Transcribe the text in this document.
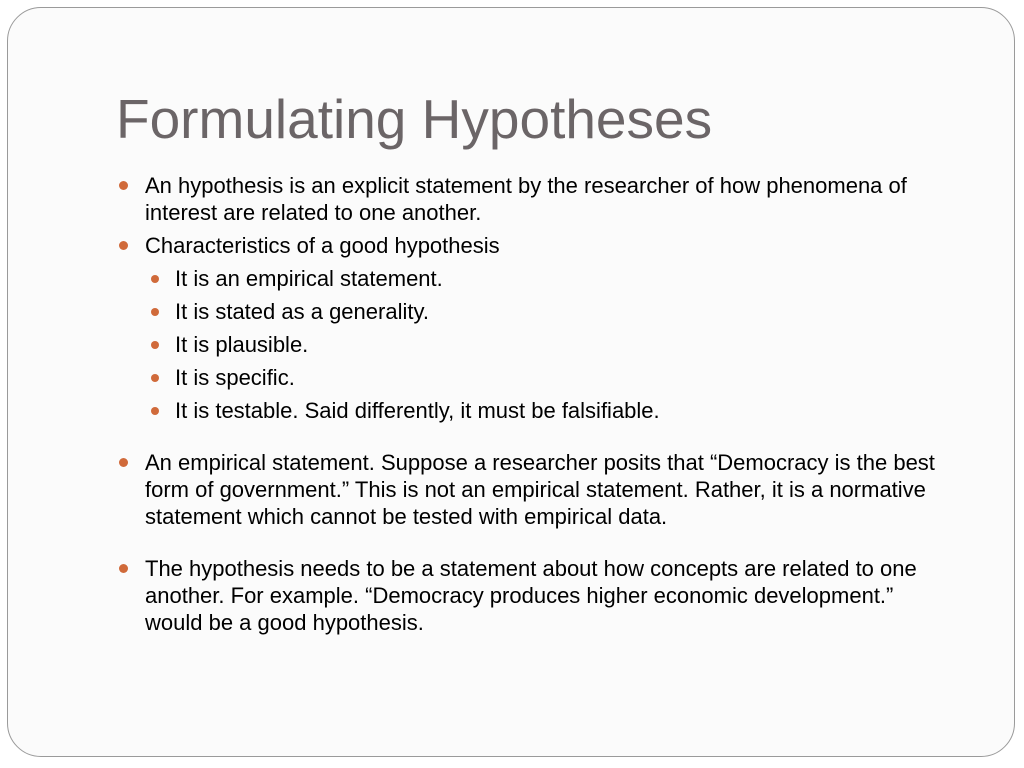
Formulating Hypotheses
An hypothesis is an explicit statement by the researcher of how phenomena of interest are related to one another.
Characteristics of a good hypothesis
It is an empirical statement.
It is stated as a generality.
It is plausible.
It is specific.
It is testable. Said differently, it must be falsifiable.
An empirical statement. Suppose a researcher posits that “Democracy is the best form of government.” This is not an empirical statement. Rather, it is a normative statement which cannot be tested with empirical data.
The hypothesis needs to be a statement about how concepts are related to one another. For example. “Democracy produces higher economic development.” would be a good hypothesis.
